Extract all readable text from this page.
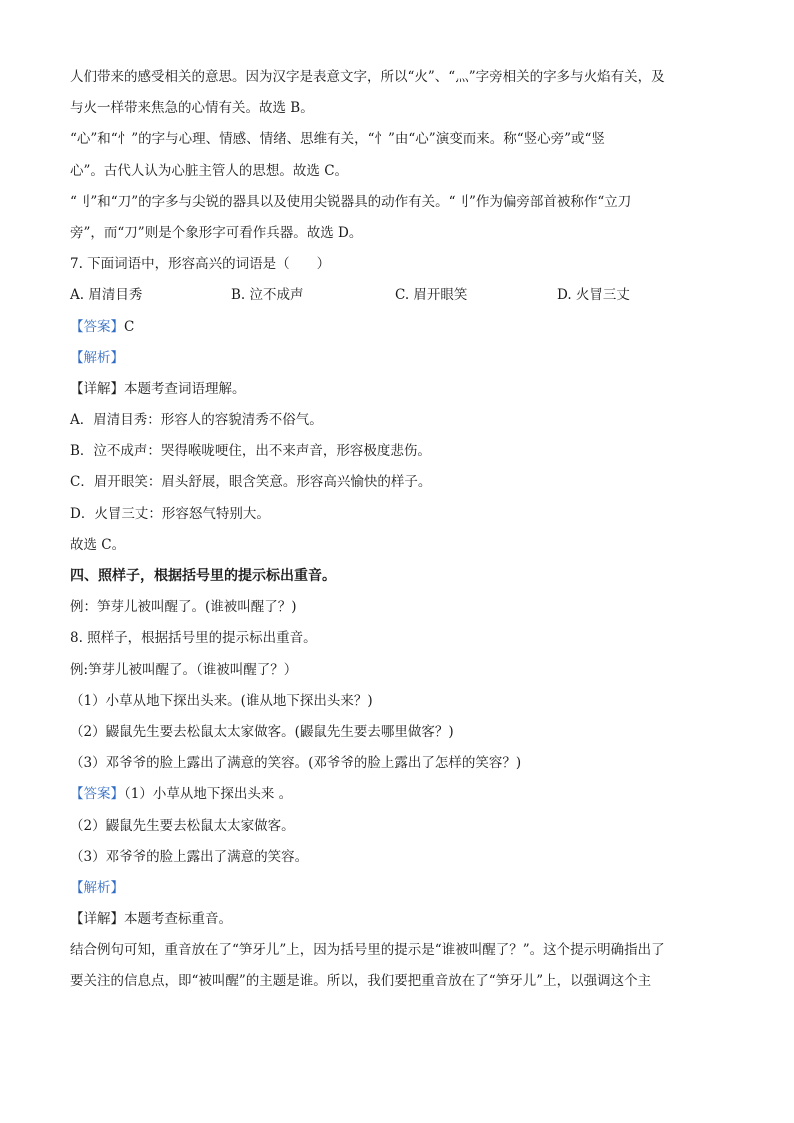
人们带来的感受相关的意思。因为汉字是表意文字，所以“火”、“灬”字旁相关的字多与火焰有关，及
与火一样带来焦急的心情有关。故选 B。
“心”和“忄”的字与心理、情感、情绪、思维有关，“忄”由“心”演变而来。称“竖心旁”或“竖
心”。古代人认为心脏主管人的思想。故选 C。
“刂”和“刀”的字多与尖锐的器具以及使用尖锐器具的动作有关。“刂”作为偏旁部首被称作“立刀
旁”，而“刀”则是个象形字可看作兵器。故选 D。
7. 下面词语中，形容高兴的词语是（　　）
A. 眉清目秀	B. 泣不成声	C. 眉开眼笑	D. 火冒三丈
【答案】C
【解析】
【详解】本题考查词语理解。
A．眉清目秀：形容人的容貌清秀不俗气。
B．泣不成声：哭得喉咙哽住，出不来声音，形容极度悲伤。
C．眉开眼笑：眉头舒展，眼含笑意。形容高兴愉快的样子。
D．火冒三丈：形容怒气特别大。
故选 C。
四、照样子，根据括号里的提示标出重音。
例：笋芽儿被叫醒了。(谁被叫醒了？)
8. 照样子，根据括号里的提示标出重音。
例:笋芽儿被叫醒了。（谁被叫醒了？）
（1）小草从地下探出头来。(谁从地下探出头来？)
（2）鼹鼠先生要去松鼠太太家做客。(鼹鼠先生要去哪里做客？)
（3）邓爷爷的脸上露出了满意的笑容。(邓爷爷的脸上露出了怎样的笑容？)
【答案】（1）小草从地下探出头来 。
（2）鼹鼠先生要去松鼠太太家做客。
（3）邓爷爷的脸上露出了满意的笑容。
【解析】
【详解】本题考查标重音。
结合例句可知，重音放在了“笋牙儿”上，因为括号里的提示是“谁被叫醒了？”。这个提示明确指出了
要关注的信息点，即“被叫醒”的主题是谁。所以，我们要把重音放在了“笋牙儿”上，以强调这个主
